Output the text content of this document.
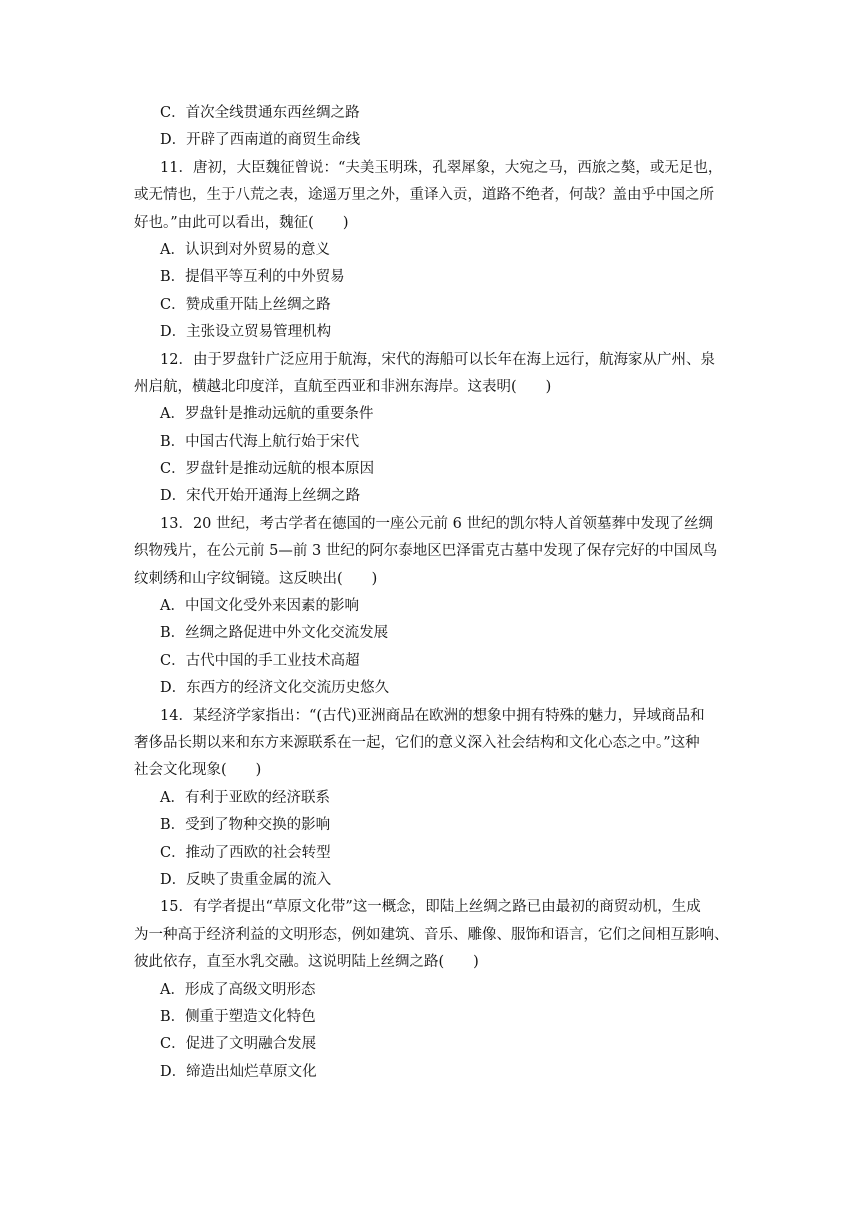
C．首次全线贯通东西丝绸之路
D．开辟了西南道的商贸生命线
11．唐初，大臣魏征曾说：“夫美玉明珠，孔翠犀象，大宛之马，西旅之獒，或无足也，
或无情也，生于八荒之表，途遥万里之外，重译入贡，道路不绝者，何哉？盖由乎中国之所
好也。”由此可以看出，魏征(　　)
A．认识到对外贸易的意义
B．提倡平等互利的中外贸易
C．赞成重开陆上丝绸之路
D．主张设立贸易管理机构
12．由于罗盘针广泛应用于航海，宋代的海船可以长年在海上远行，航海家从广州、泉
州启航，横越北印度洋，直航至西亚和非洲东海岸。这表明(　　)
A．罗盘针是推动远航的重要条件
B．中国古代海上航行始于宋代
C．罗盘针是推动远航的根本原因
D．宋代开始开通海上丝绸之路
13．20 世纪，考古学者在德国的一座公元前 6 世纪的凯尔特人首领墓葬中发现了丝绸
织物残片，在公元前 5—前 3 世纪的阿尔泰地区巴泽雷克古墓中发现了保存完好的中国凤鸟
纹刺绣和山字纹铜镜。这反映出(　　)
A．中国文化受外来因素的影响
B．丝绸之路促进中外文化交流发展
C．古代中国的手工业技术高超
D．东西方的经济文化交流历史悠久
14．某经济学家指出：“(古代)亚洲商品在欧洲的想象中拥有特殊的魅力，异域商品和
奢侈品长期以来和东方来源联系在一起，它们的意义深入社会结构和文化心态之中。”这种
社会文化现象(　　)
A．有利于亚欧的经济联系
B．受到了物种交换的影响
C．推动了西欧的社会转型
D．反映了贵重金属的流入
15．有学者提出“草原文化带”这一概念，即陆上丝绸之路已由最初的商贸动机，生成
为一种高于经济利益的文明形态，例如建筑、音乐、雕像、服饰和语言，它们之间相互影响、
彼此依存，直至水乳交融。这说明陆上丝绸之路(　　)
A．形成了高级文明形态
B．侧重于塑造文化特色
C．促进了文明融合发展
D．缔造出灿烂草原文化
